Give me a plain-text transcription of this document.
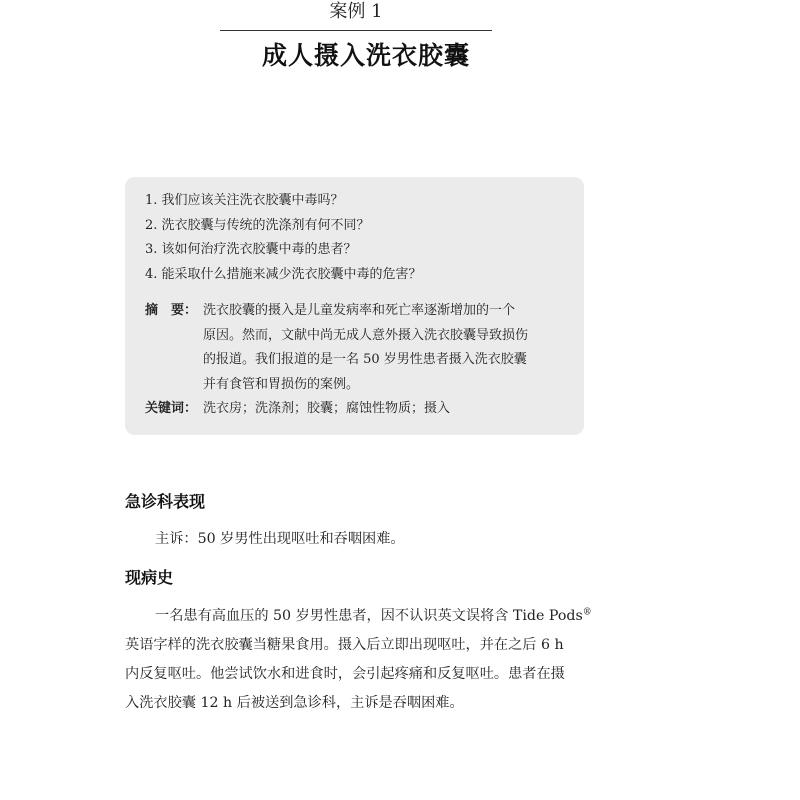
案例 1
成人摄入洗衣胶囊
1. 我们应该关注洗衣胶囊中毒吗？
2. 洗衣胶囊与传统的洗涤剂有何不同？
3. 该如何治疗洗衣胶囊中毒的患者？
4. 能采取什么措施来减少洗衣胶囊中毒的危害？
摘　要： 洗衣胶囊的摄入是儿童发病率和死亡率逐渐增加的一个
原因。然而，文献中尚无成人意外摄入洗衣胶囊导致损伤
的报道。我们报道的是一名 50 岁男性患者摄入洗衣胶囊
并有食管和胃损伤的案例。
关键词： 洗衣房；洗涤剂；胶囊；腐蚀性物质；摄入
急诊科表现
主诉：50 岁男性出现呕吐和吞咽困难。
现病史
一名患有高血压的 50 岁男性患者，因不认识英文误将含 Tide Pods®
英语字样的洗衣胶囊当糖果食用。摄入后立即出现呕吐，并在之后 6 h
内反复呕吐。他尝试饮水和进食时，会引起疼痛和反复呕吐。患者在摄
入洗衣胶囊 12 h 后被送到急诊科，主诉是吞咽困难。
